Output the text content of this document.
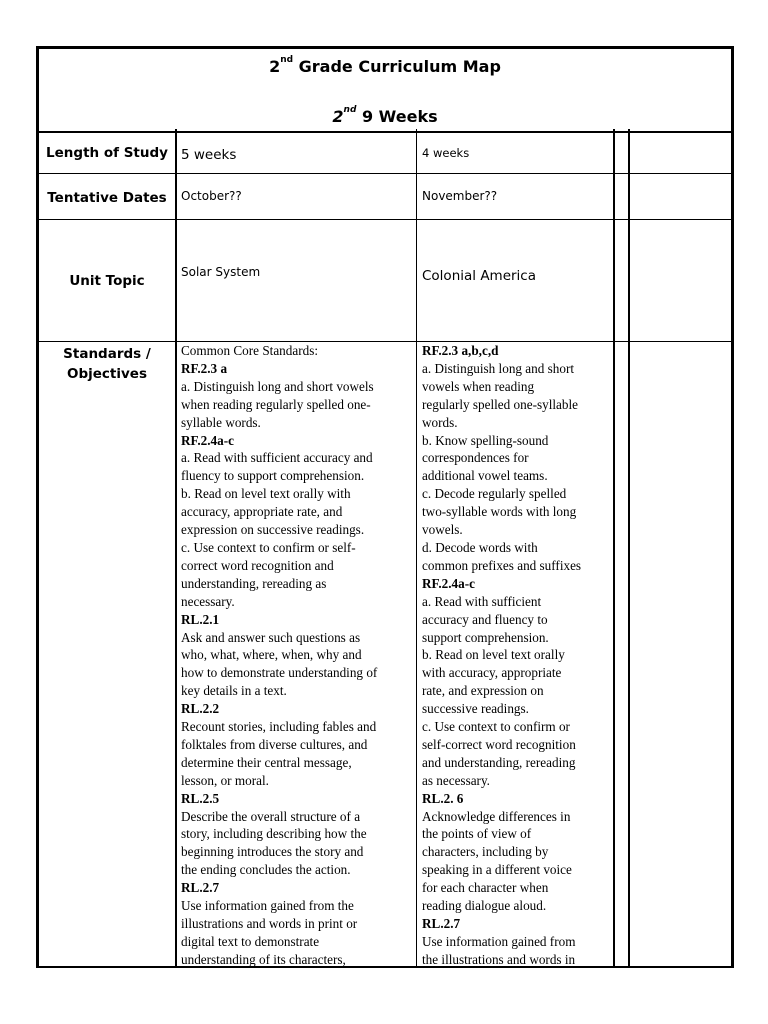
2nd Grade Curriculum Map
2nd 9 Weeks
Length of Study
Tentative Dates
Unit Topic
Standards /
Objectives
5 weeks
October??
Solar System
Common Core Standards:
RF.2.3 a
a. Distinguish long and short vowels
when reading regularly spelled one-
syllable words.
RF.2.4a-c
a. Read with sufficient accuracy and
fluency to support comprehension.
b. Read on level text orally with
accuracy, appropriate rate, and
expression on successive readings.
c. Use context to confirm or self-
correct word recognition and
understanding, rereading as
necessary.
RL.2.1
Ask and answer such questions as
who, what, where, when, why and
how to demonstrate understanding of
key details in a text.
RL.2.2
Recount stories, including fables and
folktales from diverse cultures, and
determine their central message,
lesson, or moral.
RL.2.5
Describe the overall structure of a
story, including describing how the
beginning introduces the story and
the ending concludes the action.
RL.2.7
Use information gained from the
illustrations and words in print or
digital text to demonstrate
understanding of its characters,
4 weeks
November??
Colonial America
RF.2.3 a,b,c,d
a. Distinguish long and short
vowels when reading
regularly spelled one-syllable
words.
b. Know spelling-sound
correspondences for
additional vowel teams.
c. Decode regularly spelled
two-syllable words with long
vowels.
d. Decode words with
common prefixes and suffixes
RF.2.4a-c
a. Read with sufficient
accuracy and fluency to
support comprehension.
b. Read on level text orally
with accuracy, appropriate
rate, and expression on
successive readings.
c. Use context to confirm or
self-correct word recognition
and understanding, rereading
as necessary.
RL.2. 6
Acknowledge differences in
the points of view of
characters, including by
speaking in a different voice
for each character when
reading dialogue aloud.
RL.2.7
Use information gained from
the illustrations and words in
